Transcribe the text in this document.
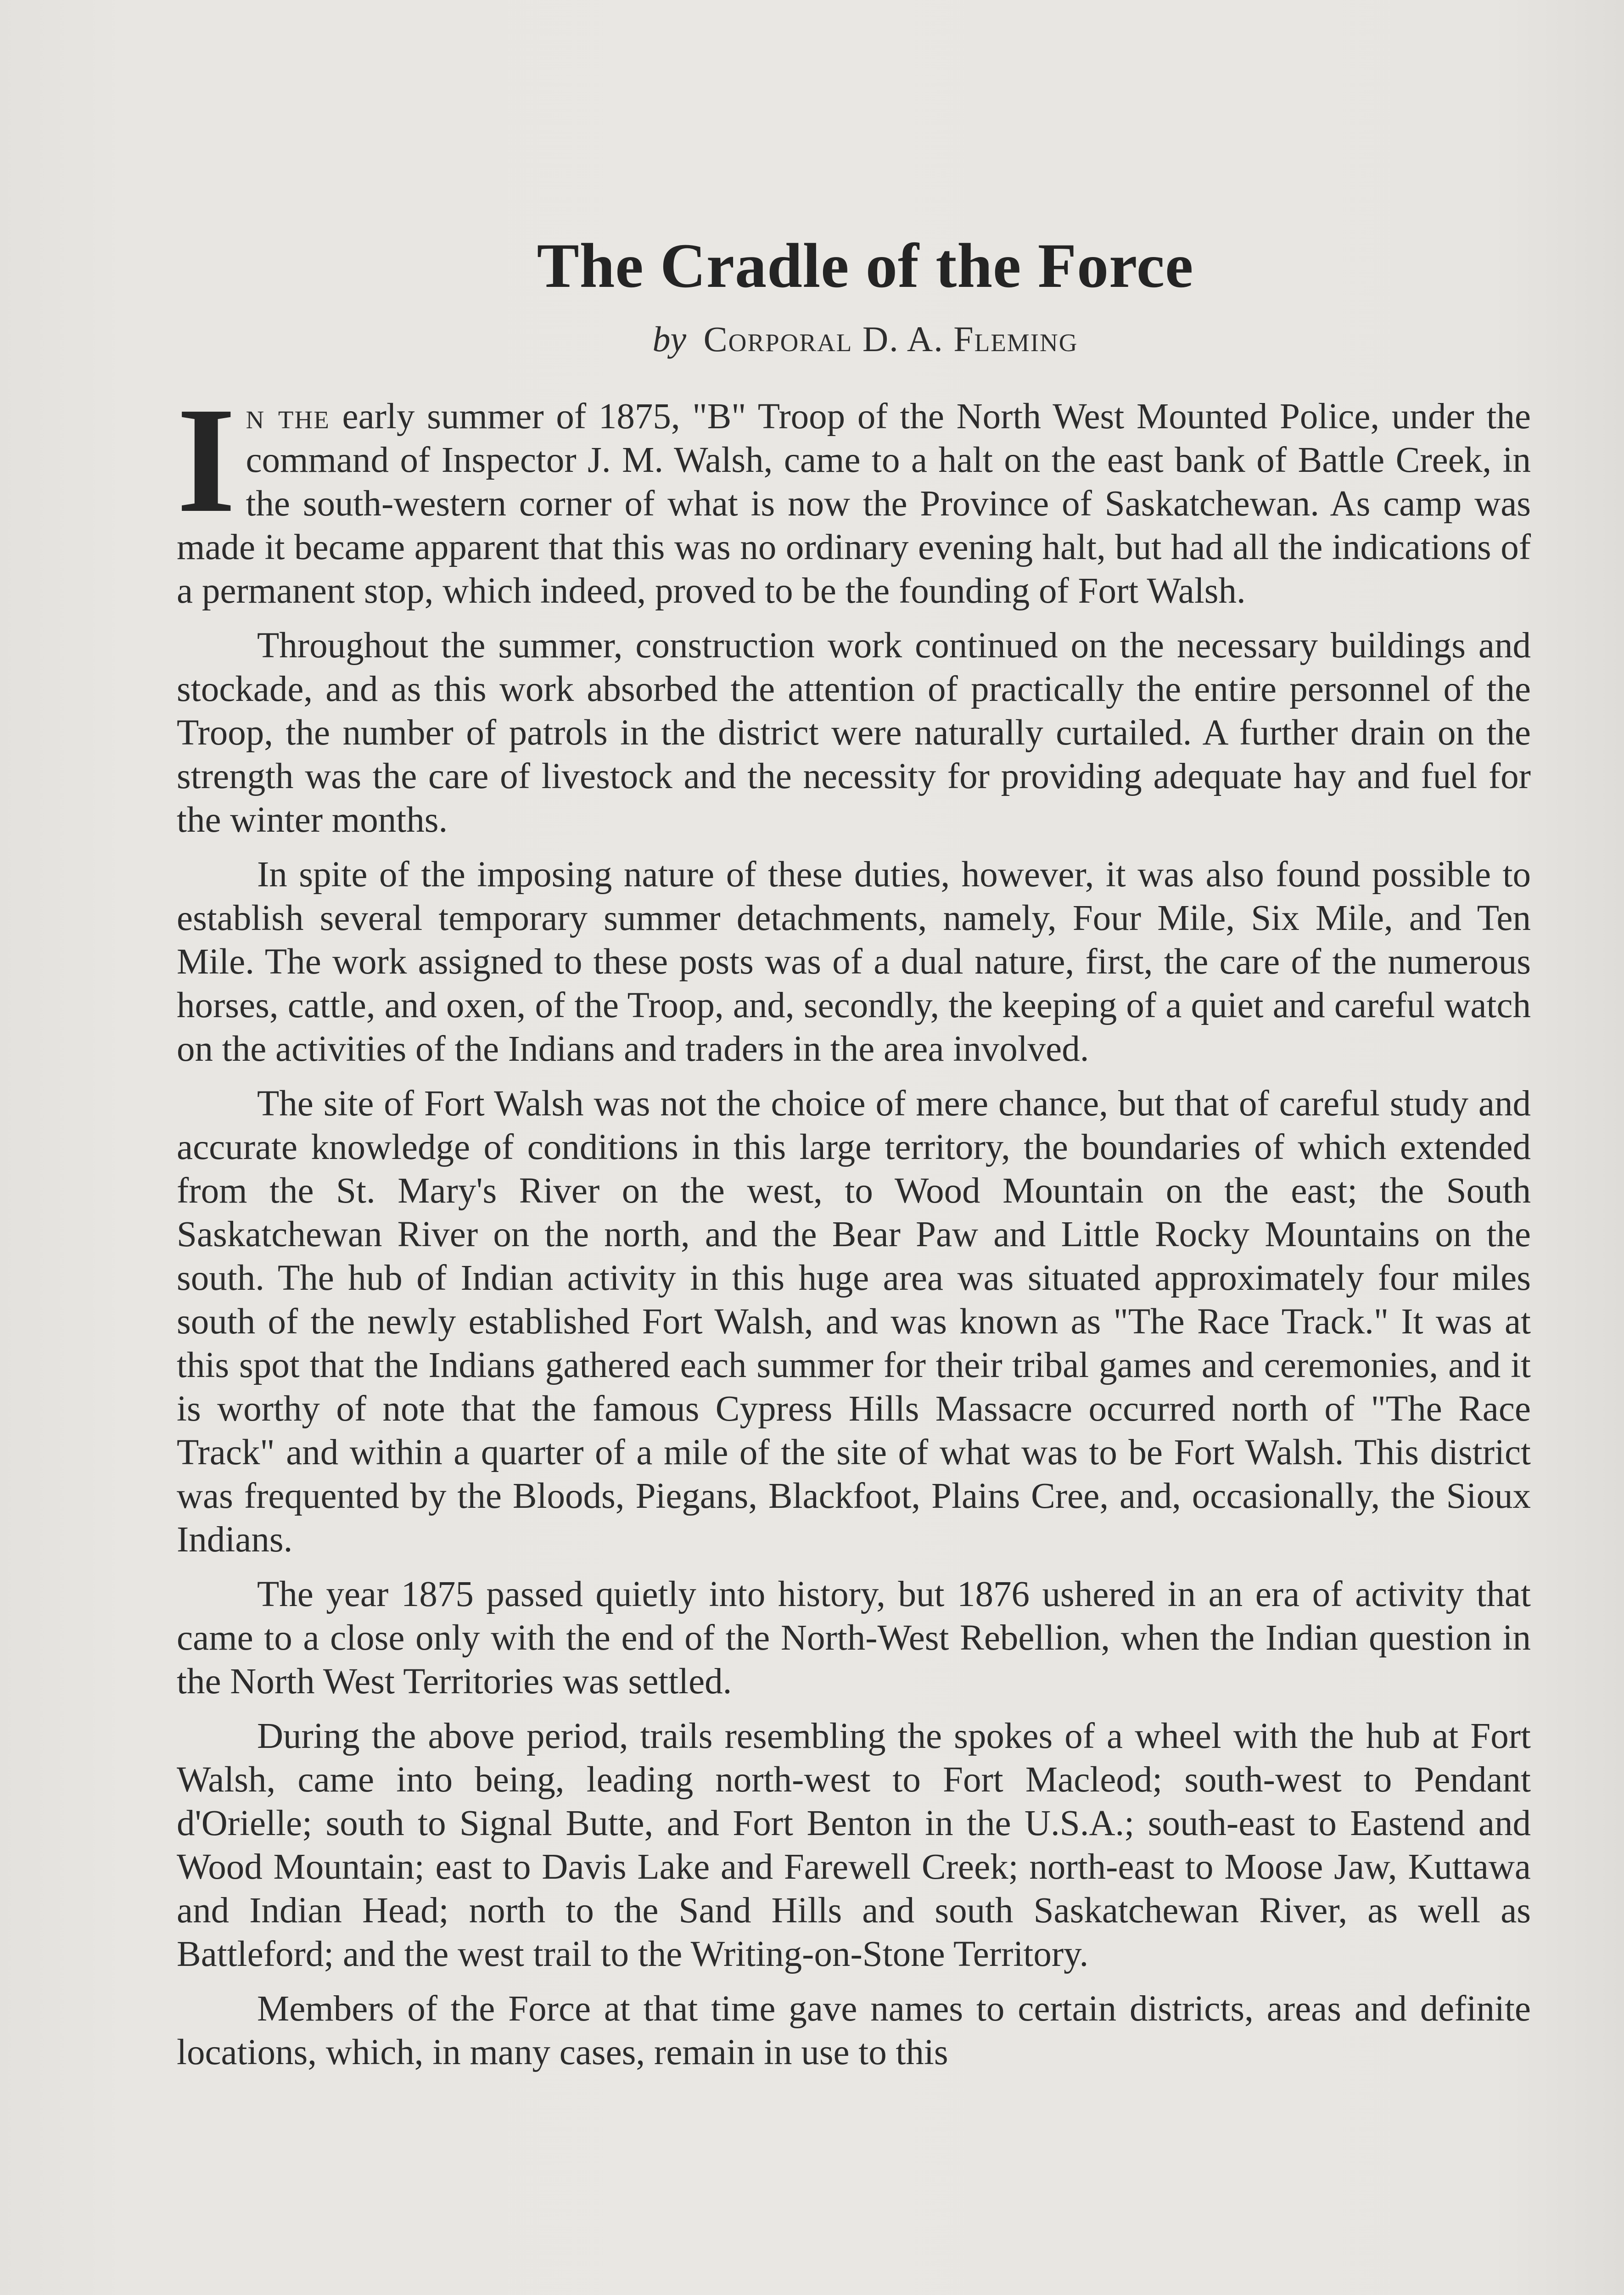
The Cradle of the Force
by Corporal D. A. Fleming

In the early summer of 1875, "B" Troop of the North West Mounted Police, under the command of Inspector J. M. Walsh, came to a halt on the east bank of Battle Creek, in the south-western corner of what is now the Province of Saskatchewan. As camp was made it became apparent that this was no ordinary evening halt, but had all the indications of a permanent stop, which indeed, proved to be the founding of Fort Walsh.

Throughout the summer, construction work continued on the necessary buildings and stockade, and as this work absorbed the attention of practically the entire personnel of the Troop, the number of patrols in the district were naturally curtailed. A further drain on the strength was the care of livestock and the necessity for providing adequate hay and fuel for the winter months.

In spite of the imposing nature of these duties, however, it was also found possible to establish several temporary summer detachments, namely, Four Mile, Six Mile, and Ten Mile. The work assigned to these posts was of a dual nature, first, the care of the numerous horses, cattle, and oxen, of the Troop, and, secondly, the keeping of a quiet and careful watch on the activities of the Indians and traders in the area involved.

The site of Fort Walsh was not the choice of mere chance, but that of careful study and accurate knowledge of conditions in this large territory, the boundaries of which extended from the St. Mary's River on the west, to Wood Mountain on the east; the South Saskatchewan River on the north, and the Bear Paw and Little Rocky Mountains on the south. The hub of Indian activity in this huge area was situated approximately four miles south of the newly established Fort Walsh, and was known as "The Race Track." It was at this spot that the Indians gathered each summer for their tribal games and ceremonies, and it is worthy of note that the famous Cypress Hills Massacre occurred north of "The Race Track" and within a quarter of a mile of the site of what was to be Fort Walsh. This district was frequented by the Bloods, Piegans, Blackfoot, Plains Cree, and, occasionally, the Sioux Indians.

The year 1875 passed quietly into history, but 1876 ushered in an era of activity that came to a close only with the end of the North-West Rebellion, when the Indian question in the North West Territories was settled.

During the above period, trails resembling the spokes of a wheel with the hub at Fort Walsh, came into being, leading north-west to Fort Macleod; south-west to Pendant d'Orielle; south to Signal Butte, and Fort Benton in the U.S.A.; south-east to Eastend and Wood Mountain; east to Davis Lake and Farewell Creek; north-east to Moose Jaw, Kuttawa and Indian Head; north to the Sand Hills and south Saskatchewan River, as well as Battleford; and the west trail to the Writing-on-Stone Territory.

Members of the Force at that time gave names to certain districts, areas and definite locations, which, in many cases, remain in use to this
